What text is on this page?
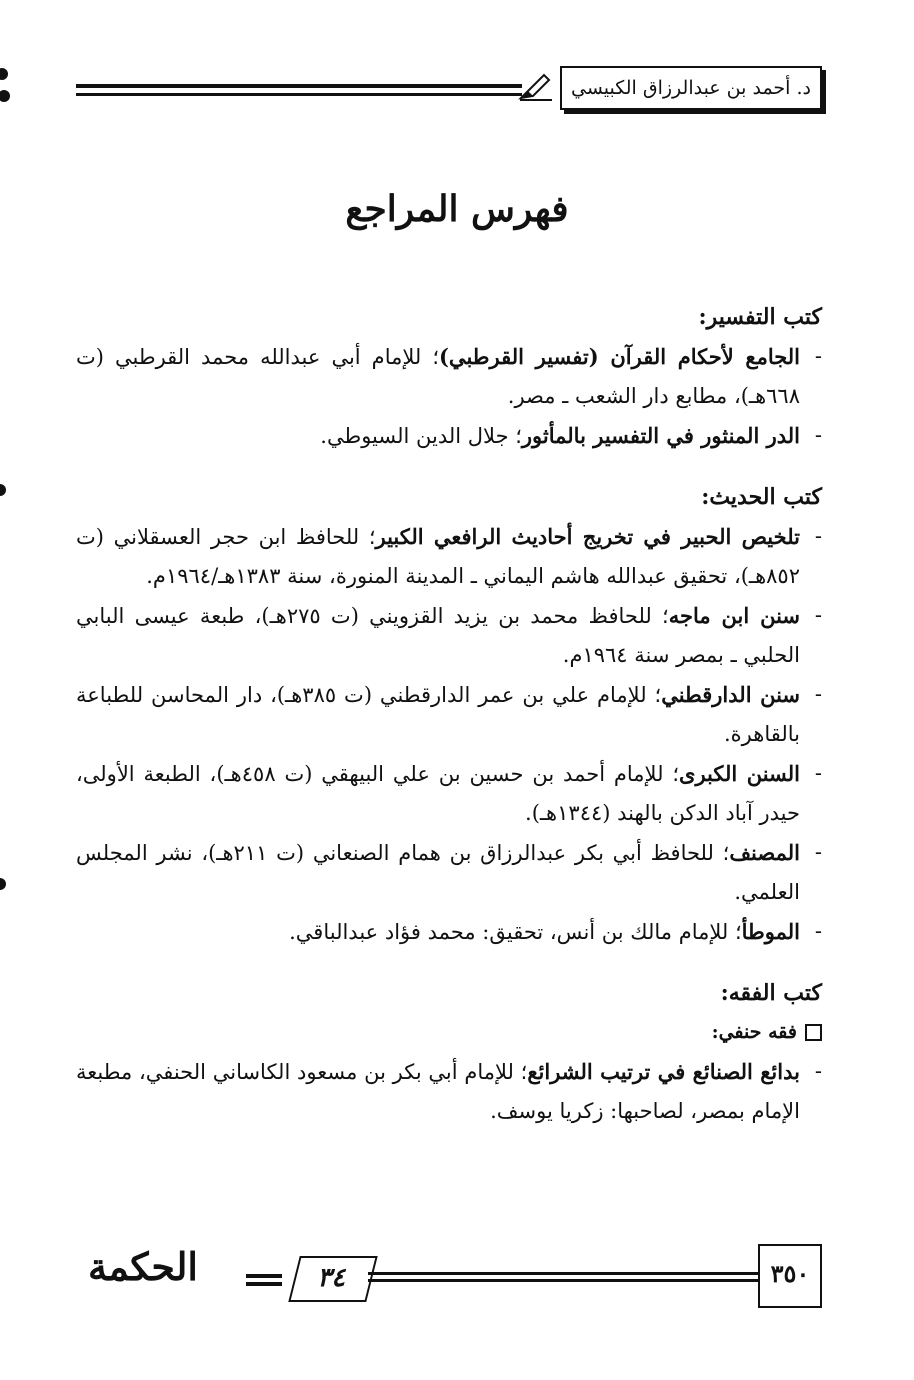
د. أحمد بن عبدالرزاق الكبيسي
فهرس المراجع

كتب التفسير:

- الجامع لأحكام القرآن (تفسير القرطبي)؛ للإمام أبي عبدالله محمد القرطبي (ت ٦٦٨هـ)، مطابع دار الشعب ـ مصر.
- الدر المنثور في التفسير بالمأثور؛ جلال الدين السيوطي.

كتب الحديث:

- تلخيص الحبير في تخريج أحاديث الرافعي الكبير؛ للحافظ ابن حجر العسقلاني (ت ٨٥٢هـ)، تحقيق عبدالله هاشم اليماني ـ المدينة المنورة، سنة ١٣٨٣هـ/١٩٦٤م.
- سنن ابن ماجه؛ للحافظ محمد بن يزيد القزويني (ت ٢٧٥هـ)، طبعة عيسى البابي الحلبي ـ بمصر سنة ١٩٦٤م.
- سنن الدارقطني؛ للإمام علي بن عمر الدارقطني (ت ٣٨٥هـ)، دار المحاسن للطباعة بالقاهرة.
- السنن الكبرى؛ للإمام أحمد بن حسين بن علي البيهقي (ت ٤٥٨هـ)، الطبعة الأولى، حيدر آباد الدكن بالهند (١٣٤٤هـ).
- المصنف؛ للحافظ أبي بكر عبدالرزاق بن همام الصنعاني (ت ٢١١هـ)، نشر المجلس العلمي.
- الموطأ؛ للإمام مالك بن أنس، تحقيق: محمد فؤاد عبدالباقي.

كتب الفقه:

فقه حنفي:
- بدائع الصنائع في ترتيب الشرائع؛ للإمام أبي بكر بن مسعود الكاساني الحنفي، مطبعة الإمام بمصر، لصاحبها: زكريا يوسف.
٣٥٠
٣٤
الحكمة
